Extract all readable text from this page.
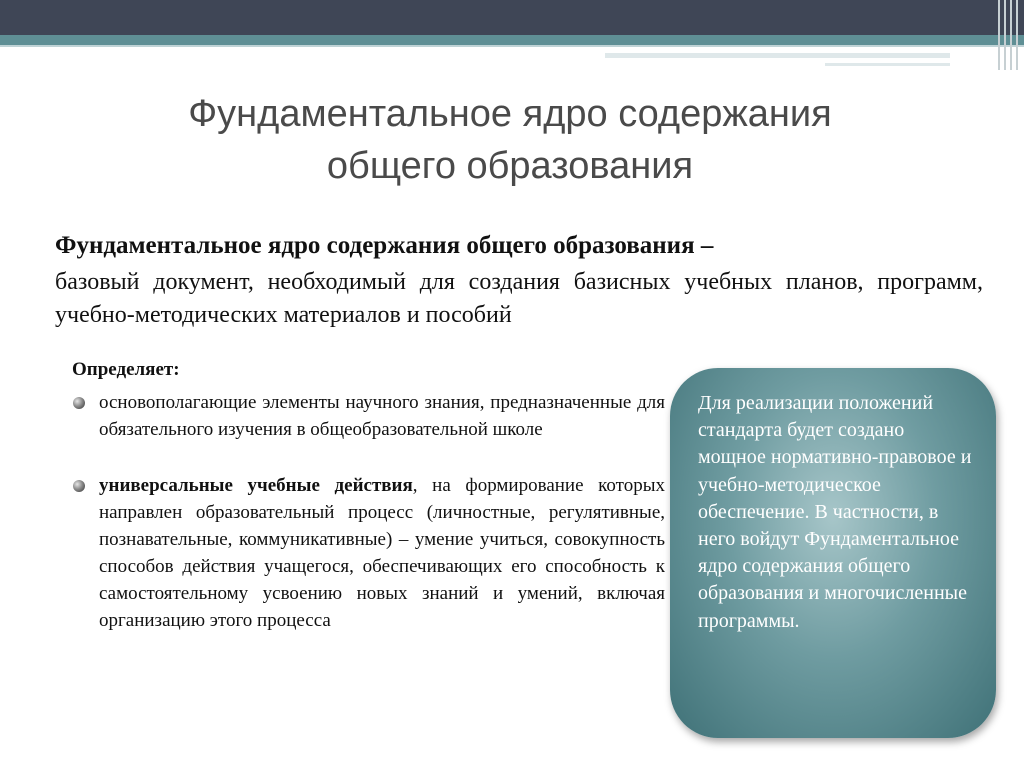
Фундаментальное ядро содержания
общего образования

Фундаментальное ядро содержания общего образования –

базовый документ, необходимый для создания базисных учебных планов, программ, учебно-методических материалов и пособий

Определяет:

основополагающие элементы научного знания, предназначенные для обязательного изучения в общеобразовательной школе
универсальные учебные действия, на формирование которых направлен образовательный процесс (личностные, регулятивные, познавательные, коммуникативные) – умение учиться, совокупность способов действия учащегося, обеспечивающих его способность к самостоятельному усвоению новых знаний и умений, включая организацию этого процесса
Для реализации положений стандарта будет создано мощное нормативно-правовое и учебно-методическое обеспечение. В частности, в него войдут Фундаментальное ядро содержания общего образования и многочисленные программы.
